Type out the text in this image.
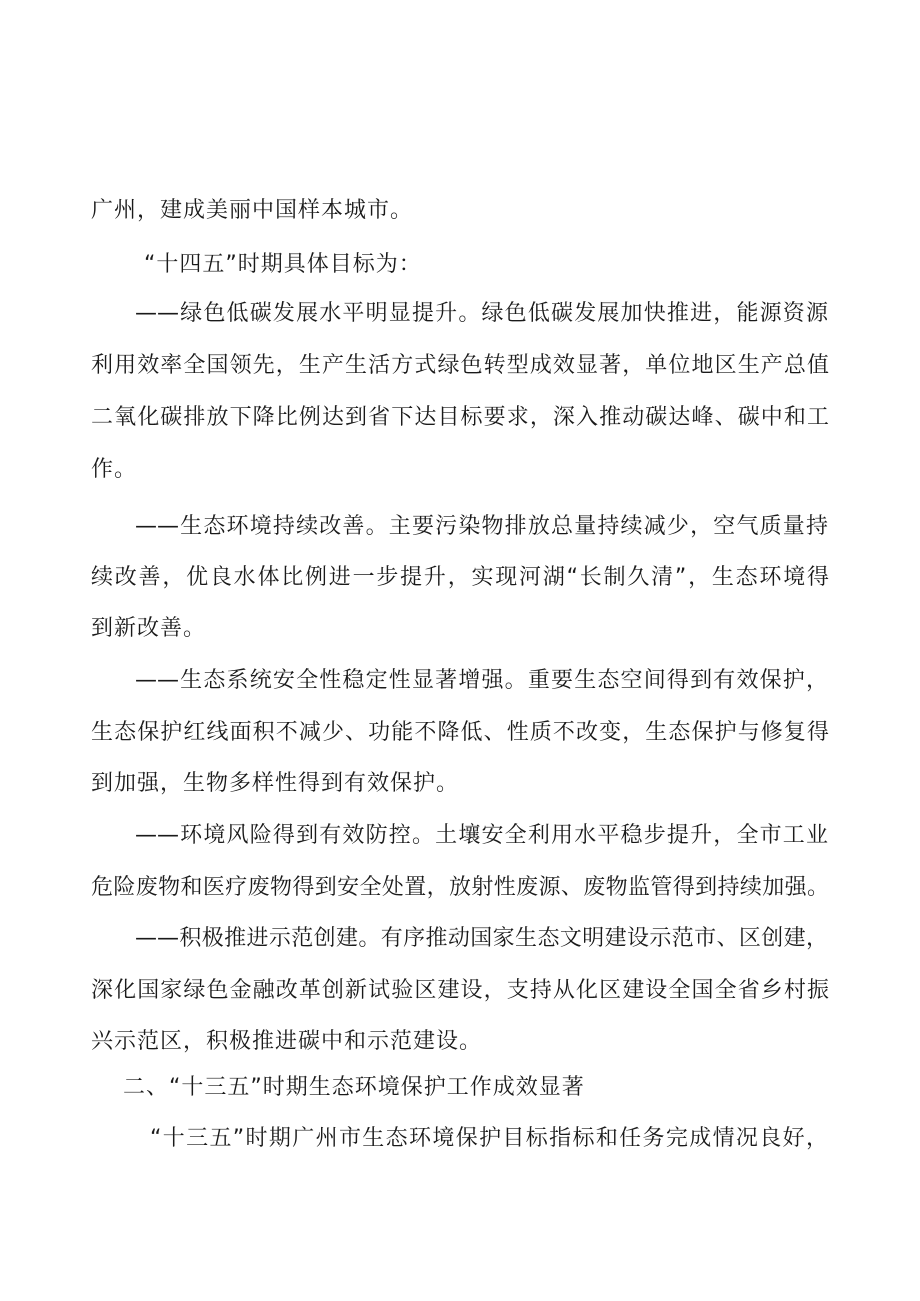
广州，建成美丽中国样本城市。
“十四五”时期具体目标为：
——绿色低碳发展水平明显提升。绿色低碳发展加快推进，能源资源
利用效率全国领先，生产生活方式绿色转型成效显著，单位地区生产总值
二氧化碳排放下降比例达到省下达目标要求，深入推动碳达峰、碳中和工
作。
——生态环境持续改善。主要污染物排放总量持续减少，空气质量持
续改善，优良水体比例进一步提升，实现河湖“长制久清”，生态环境得
到新改善。
——生态系统安全性稳定性显著增强。重要生态空间得到有效保护，
生态保护红线面积不减少、功能不降低、性质不改变，生态保护与修复得
到加强，生物多样性得到有效保护。
——环境风险得到有效防控。土壤安全利用水平稳步提升，全市工业
危险废物和医疗废物得到安全处置，放射性废源、废物监管得到持续加强。
——积极推进示范创建。有序推动国家生态文明建设示范市、区创建，
深化国家绿色金融改革创新试验区建设，支持从化区建设全国全省乡村振
兴示范区，积极推进碳中和示范建设。
二、“十三五”时期生态环境保护工作成效显著
“十三五”时期广州市生态环境保护目标指标和任务完成情况良好，
